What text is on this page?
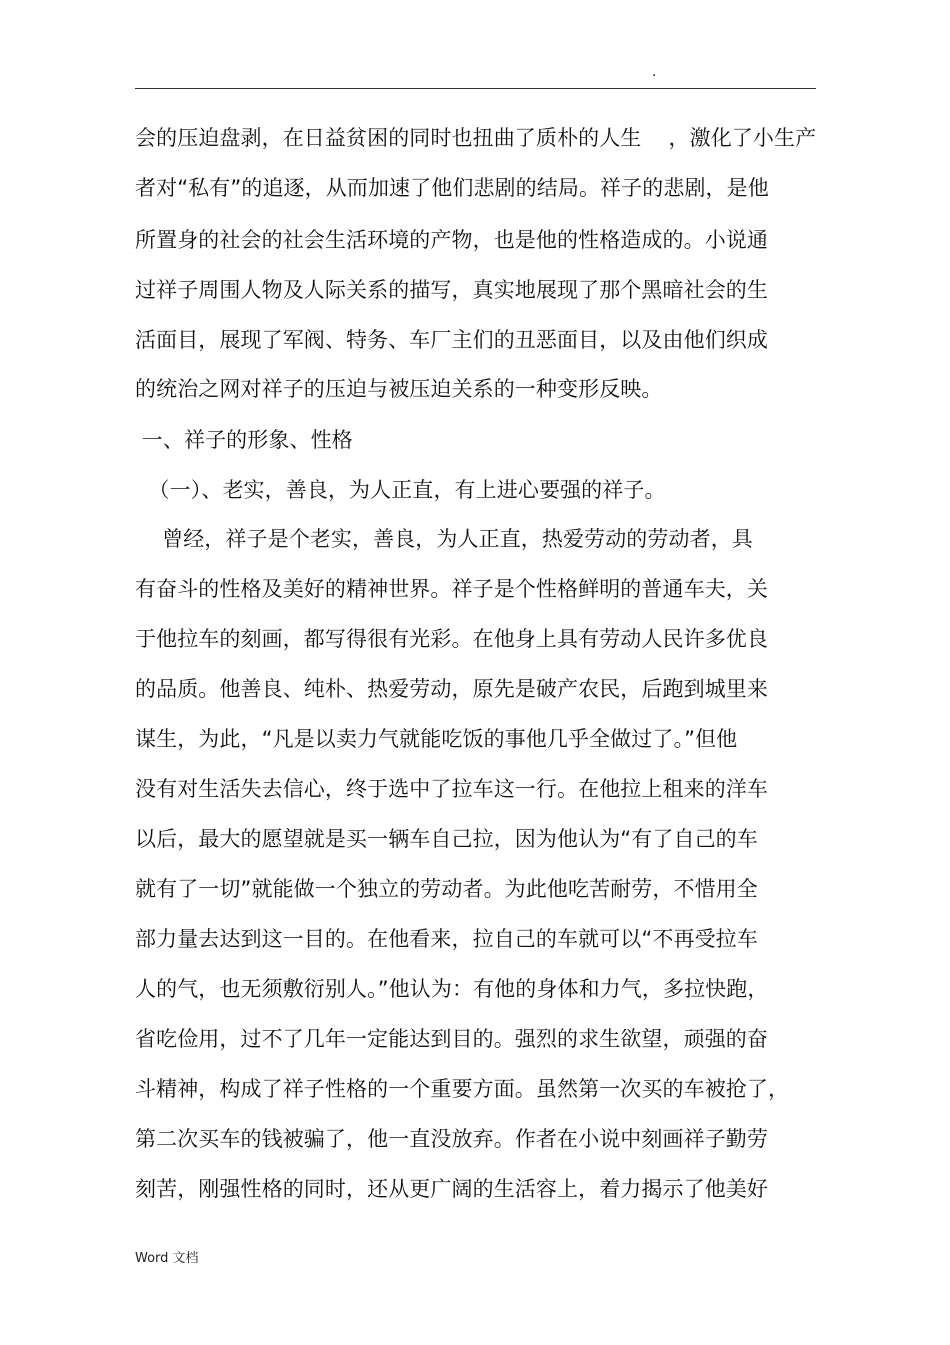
.
会的压迫盘剥，在日益贫困的同时也扭曲了质朴的人生    ，激化了小生产
者对“私有”的追逐，从而加速了他们悲剧的结局。祥子的悲剧，是他
所置身的社会的社会生活环境的产物，也是他的性格造成的。小说通
过祥子周围人物及人际关系的描写，真实地展现了那个黑暗社会的生
活面目，展现了军阀、特务、车厂主们的丑恶面目，以及由他们织成
的统治之网对祥子的压迫与被压迫关系的一种变形反映。
一、祥子的形象、性格
（一）、老实，善良，为人正直，有上进心要强的祥子。
曾经，祥子是个老实，善良，为人正直，热爱劳动的劳动者，具
有奋斗的性格及美好的精神世界。祥子是个性格鲜明的普通车夫，关
于他拉车的刻画，都写得很有光彩。在他身上具有劳动人民许多优良
的品质。他善良、纯朴、热爱劳动，原先是破产农民，后跑到城里来
谋生，为此，“凡是以卖力气就能吃饭的事他几乎全做过了。”但他
没有对生活失去信心，终于选中了拉车这一行。在他拉上租来的洋车
以后，最大的愿望就是买一辆车自己拉，因为他认为“有了自己的车
就有了一切”就能做一个独立的劳动者。为此他吃苦耐劳，不惜用全
部力量去达到这一目的。在他看来，拉自己的车就可以“不再受拉车
人的气，也无须敷衍别人。”他认为：有他的身体和力气，多拉快跑，
省吃俭用，过不了几年一定能达到目的。强烈的求生欲望，顽强的奋
斗精神，构成了祥子性格的一个重要方面。虽然第一次买的车被抢了，
第二次买车的钱被骗了，他一直没放弃。作者在小说中刻画祥子勤劳
刻苦，刚强性格的同时，还从更广阔的生活容上，着力揭示了他美好
Word 文档
